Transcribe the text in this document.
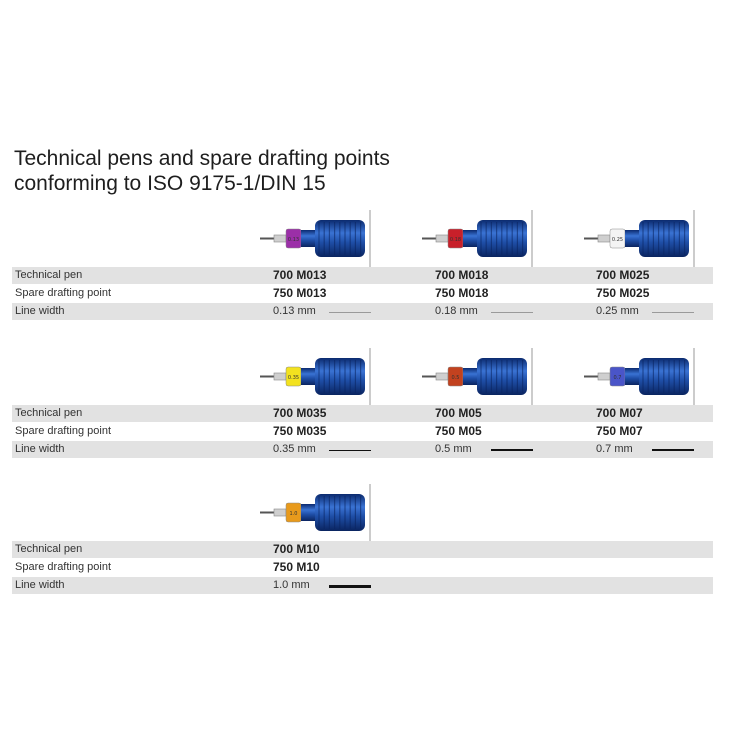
Technical pens and spare drafting points
conforming to ISO 9175-1/DIN 15
0.13	0.18	0.25
Technical pen	700 M013	700 M018	700 M025
Spare drafting point	750 M013	750 M018	750 M025
Line width	0.13 mm	0.18 mm	0.25 mm
0.35	0.5	0.7
Technical pen	700 M035	700 M05	700 M07
Spare drafting point	750 M035	750 M05	750 M07
Line width	0.35 mm	0.5 mm	0.7 mm
1.0
Technical pen	700 M10
Spare drafting point	750 M10
Line width	1.0 mm
